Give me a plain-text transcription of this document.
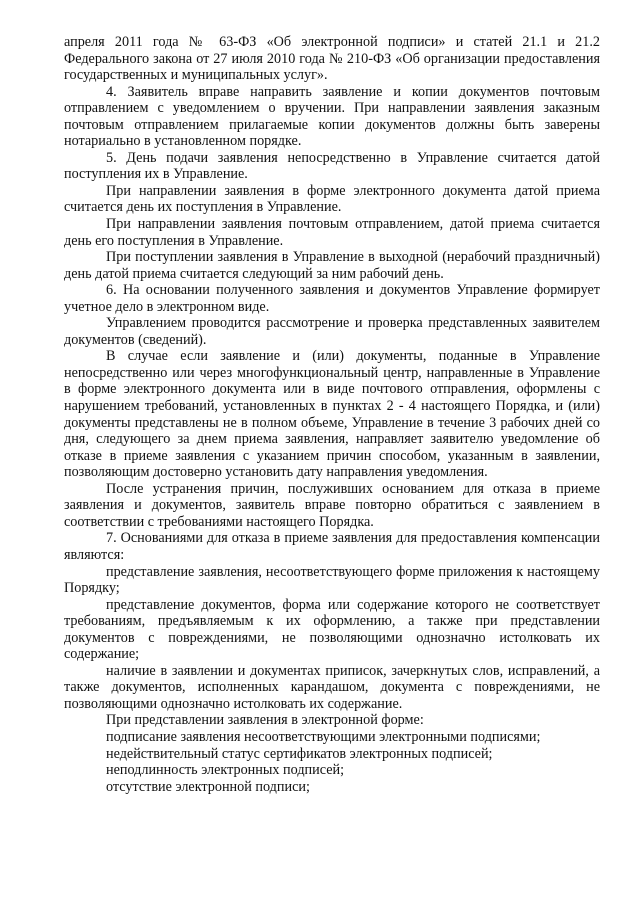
апреля 2011 года № 63-ФЗ «Об электронной подписи» и статей 21.1 и 21.2 Федерального закона от 27 июля 2010 года № 210-ФЗ «Об организации предоставления государственных и муниципальных услуг».

4. Заявитель вправе направить заявление и копии документов почтовым отправлением с уведомлением о вручении. При направлении заявления заказным почтовым отправлением прилагаемые копии документов должны быть заверены нотариально в установленном порядке.

5. День подачи заявления непосредственно в Управление считается датой поступления их в Управление.

При направлении заявления в форме электронного документа датой приема считается день их поступления в Управление.

При направлении заявления почтовым отправлением, датой приема считается день его поступления в Управление.

При поступлении заявления в Управление в выходной (нерабочий праздничный) день датой приема считается следующий за ним рабочий день.

6. На основании полученного заявления и документов Управление формирует учетное дело в электронном виде.

Управлением проводится рассмотрение и проверка представленных заявителем документов (сведений).

В случае если заявление и (или) документы, поданные в Управление непосредственно или через многофункциональный центр, направленные в Управление в форме электронного документа или в виде почтового отправления, оформлены с нарушением требований, установленных в пунктах 2 - 4 настоящего Порядка, и (или) документы представлены не в полном объеме, Управление в течение 3 рабочих дней со дня, следующего за днем приема заявления, направляет заявителю уведомление об отказе в приеме заявления с указанием причин способом, указанным в заявлении, позволяющим достоверно установить дату направления уведомления.

После устранения причин, послуживших основанием для отказа в приеме заявления и документов, заявитель вправе повторно обратиться с заявлением в соответствии с требованиями настоящего Порядка.

7. Основаниями для отказа в приеме заявления для предоставления компенсации являются:

представление заявления, несоответствующего форме приложения к настоящему Порядку;

представление документов, форма или содержание которого не соответствует требованиям, предъявляемым к их оформлению, а также при представлении документов с повреждениями, не позволяющими однозначно истолковать их содержание;

наличие в заявлении и документах приписок, зачеркнутых слов, исправлений, а также документов, исполненных карандашом, документа с повреждениями, не позволяющими однозначно истолковать их содержание.

При представлении заявления в электронной форме:

подписание заявления несоответствующими электронными подписями;

недействительный статус сертификатов электронных подписей;

неподлинность электронных подписей;

отсутствие электронной подписи;
